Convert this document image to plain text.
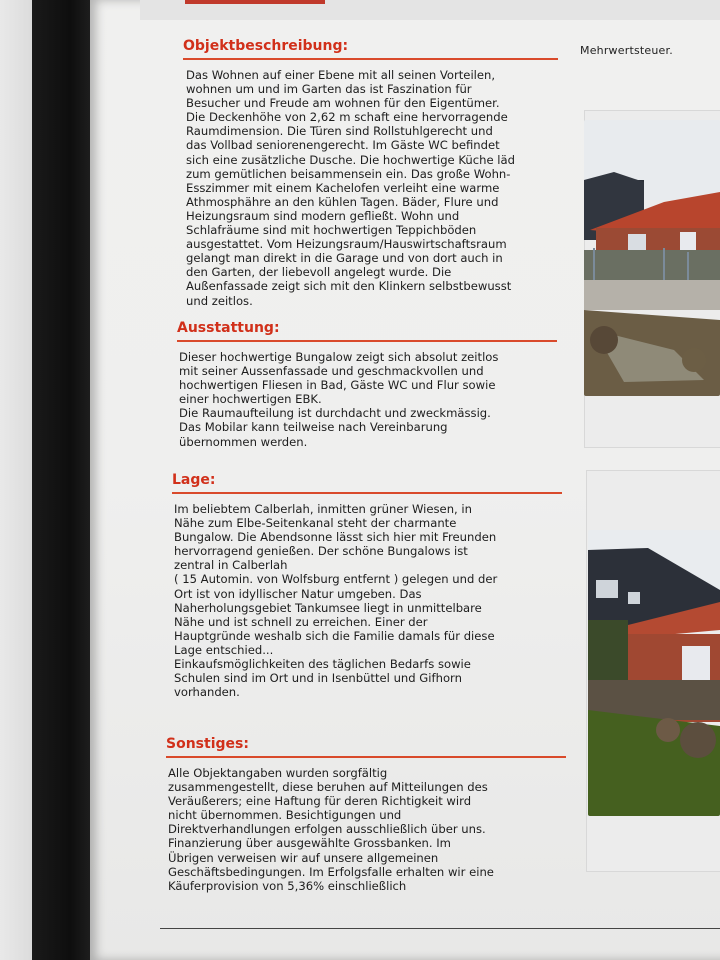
Mehrwertsteuer.
Objektbeschreibung:
Das Wohnen auf einer Ebene mit all seinen Vorteilen,
wohnen um und im Garten das ist Faszination für
Besucher und Freude am wohnen für den Eigentümer.
Die Deckenhöhe von 2,62 m schaft eine hervorragende
Raumdimension. Die Türen sind Rollstuhlgerecht und
das Vollbad seniorenengerecht. Im Gäste WC befindet
sich eine zusätzliche Dusche. Die hochwertige Küche läd
zum gemütlichen beisammensein ein. Das große Wohn-
Esszimmer mit einem Kachelofen verleiht eine warme
Athmosphähre an den kühlen Tagen. Bäder, Flure und
Heizungsraum sind modern gefließt. Wohn und
Schlafräume sind mit hochwertigen Teppichböden
ausgestattet. Vom Heizungsraum/Hauswirtschaftsraum
gelangt man direkt in die Garage und von dort auch in
den Garten, der liebevoll angelegt wurde. Die
Außenfassade zeigt sich mit den Klinkern selbstbewusst
und zeitlos.
Ausstattung:
Dieser hochwertige Bungalow zeigt sich absolut zeitlos
mit seiner Aussenfassade und geschmackvollen und
hochwertigen Fliesen in Bad, Gäste WC und Flur sowie
einer hochwertigen EBK.
Die Raumaufteilung ist durchdacht und zweckmässig.
Das Mobilar kann teilweise nach Vereinbarung
übernommen werden.
Lage:
Im beliebtem Calberlah, inmitten grüner Wiesen, in
Nähe zum Elbe-Seitenkanal steht der charmante
Bungalow. Die Abendsonne lässt sich hier mit Freunden
hervorragend genießen. Der schöne Bungalows ist
zentral in Calberlah
( 15 Automin. von Wolfsburg entfernt ) gelegen und der
Ort ist von idyllischer Natur umgeben. Das
Naherholungsgebiet Tankumsee liegt in unmittelbare
Nähe und ist schnell zu erreichen. Einer der
Hauptgründe weshalb sich die Familie damals für diese
Lage entschied...
Einkaufsmöglichkeiten des täglichen Bedarfs sowie
Schulen sind im Ort und in Isenbüttel und Gifhorn
vorhanden.
Sonstiges:
Alle Objektangaben wurden sorgfältig
zusammengestellt, diese beruhen auf Mitteilungen des
Veräußerers; eine Haftung für deren Richtigkeit wird
nicht übernommen. Besichtigungen und
Direktverhandlungen erfolgen ausschließlich über uns.
Finanzierung über ausgewählte Grossbanken. Im
Übrigen verweisen wir auf unsere allgemeinen
Geschäftsbedingungen. Im Erfolgsfalle erhalten wir eine
Käuferprovision von 5,36% einschließlich
